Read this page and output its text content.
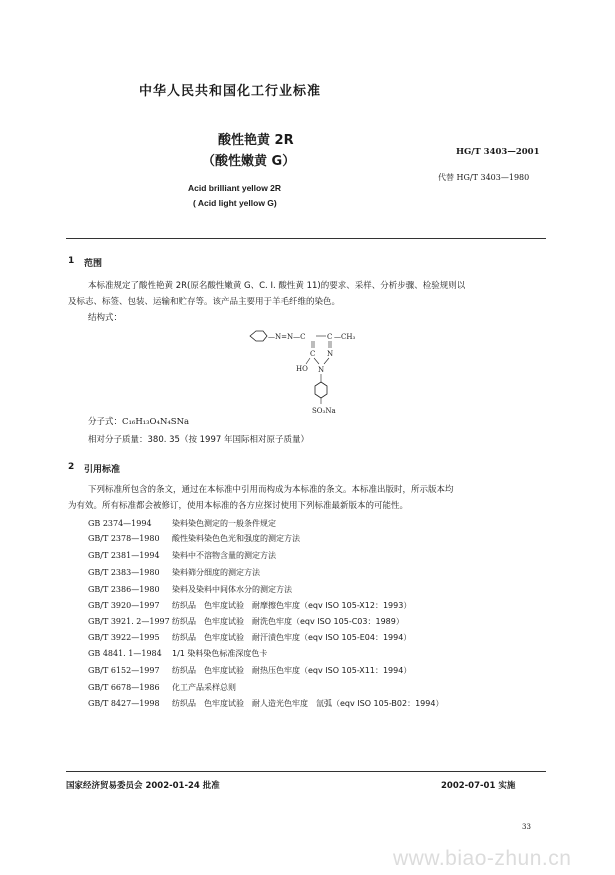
中华人民共和国化工行业标准
酸性艳黄 2R
（酸性嫩黄 G）
HG/T 3403—2001
代替 HG/T 3403—1980
Acid brilliant yellow 2R
( Acid light yellow G)
1 范围
本标准规定了酸性艳黄 2R(原名酸性嫩黄 G、C. I. 酸性黄 11)的要求、采样、分析步骤、检验规则以
及标志、标签、包装、运输和贮存等。该产品主要用于羊毛纤维的染色。
结构式：
—N=N—C	C —CH₃
C N
HO N
SO₃Na
分子式：C₁₆H₁₃O₄N₄SNa
相对分子质量：380. 35（按 1997 年国际相对原子质量）
2 引用标准
下列标准所包含的条文，通过在本标准中引用而构成为本标准的条文。本标准出版时，所示版本均
为有效。所有标准都会被修订，使用本标准的各方应探讨使用下列标准最新版本的可能性。
GB 2374—1994	染料染色测定的一般条件规定
GB/T 2378—1980 酸性染料染色色光和强度的测定方法
GB/T 2381—1994 染料中不溶物含量的测定方法
GB/T 2383—1980 染料筛分细度的测定方法
GB/T 2386—1980 染料及染料中间体水分的测定方法
GB/T 3920—1997 纺织品　色牢度试验　耐摩擦色牢度（eqv ISO 105-X12：1993）
GB/T 3921. 2—1997 纺织品　色牢度试验　耐洗色牢度（eqv ISO 105-C03：1989）
GB/T 3922—1995 纺织品　色牢度试验　耐汗渍色牢度（eqv ISO 105-E04：1994）
GB 4841. 1—1984 1/1 染料染色标准深度色卡
GB/T 6152—1997 纺织品　色牢度试验　耐热压色牢度（eqv ISO 105-X11：1994）
GB/T 6678—1986 化工产品采样总则
GB/T 8427—1998 纺织品　色牢度试验　耐人造光色牢度　氙弧（eqv ISO 105-B02：1994）
国家经济贸易委员会 2002-01-24 批准	2002-07-01 实施
33
www.biao-zhun.cn
